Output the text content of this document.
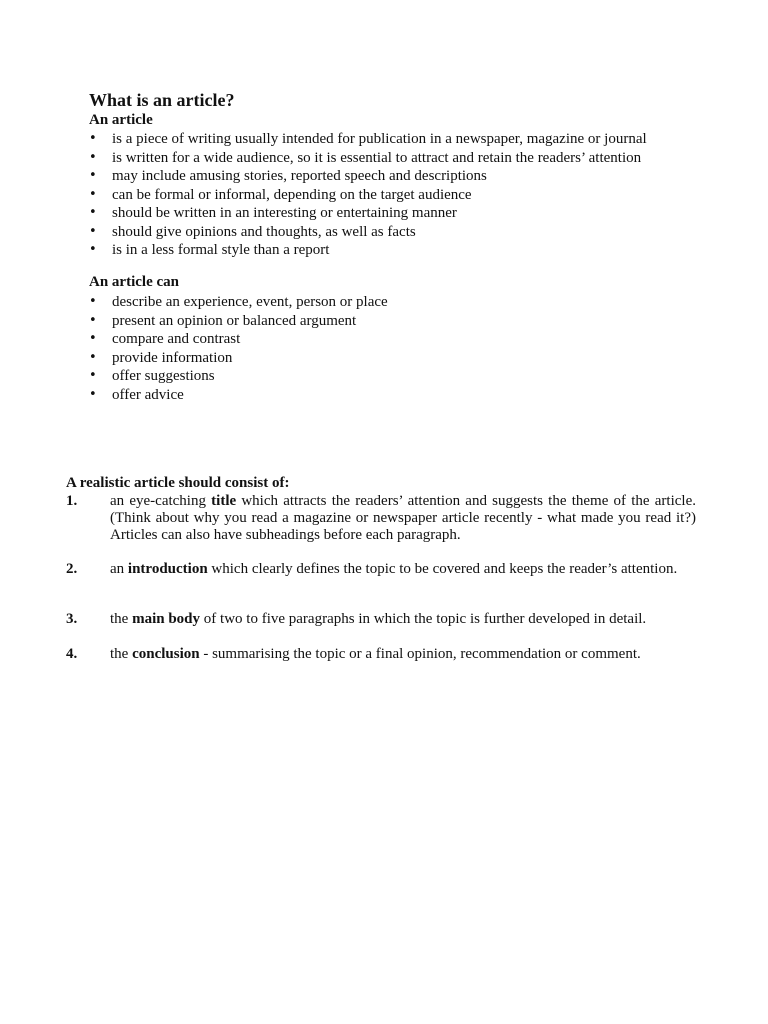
What is an article?
An article
• is a piece of writing usually intended for publication in a newspaper, magazine or journal
• is written for a wide audience, so it is essential to attract and retain the readers’ attention
• may include amusing stories, reported speech and descriptions
• can be formal or informal, depending on the target audience
• should be written in an interesting or entertaining manner
• should give opinions and thoughts, as well as facts
• is in a less formal style than a report
An article can
• describe an experience, event, person or place
• present an opinion or balanced argument
• compare and contrast
• provide information
• offer suggestions
• offer advice
A realistic article should consist of:
1. an eye-catching title which attracts the readers’ attention and suggests the theme of the article. (Think about why you read a magazine or newspaper article recently - what made you read it?) Articles can also have subheadings before each paragraph.
2. an introduction which clearly defines the topic to be covered and keeps the reader’s attention.
3. the main body of two to five paragraphs in which the topic is further developed in detail.
4. the conclusion - summarising the topic or a final opinion, recommendation or comment.
